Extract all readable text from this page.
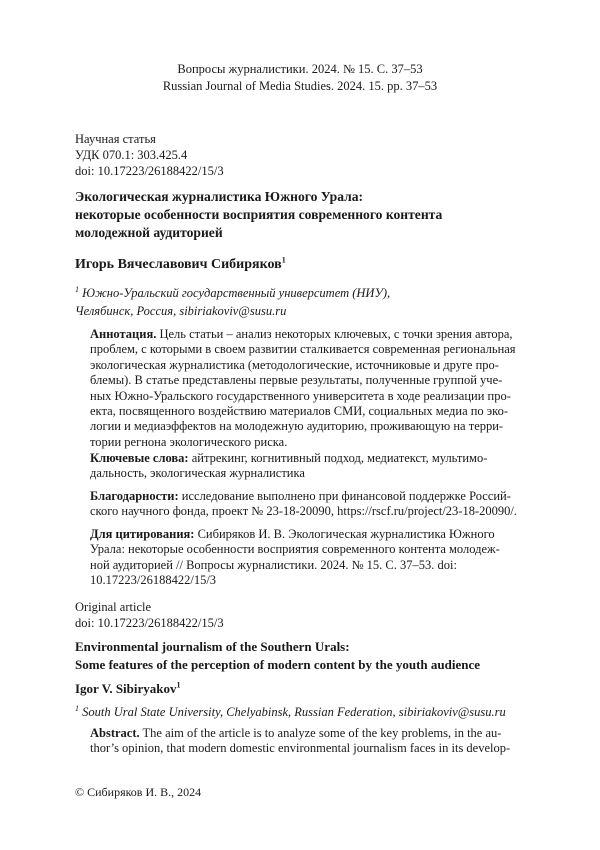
Вопросы журналистики. 2024. № 15. С. 37–53

Russian Journal of Media Studies. 2024. 15. pp. 37–53

Научная статья
УДК 070.1: 303.425.4
doi: 10.17223/26188422/15/3
Экологическая журналистика Южного Урала:
некоторые особенности восприятия современного контента
молодежной аудиторией

Игорь Вячеславович Сибиряков$^1$

$^1$ Южно-Уральский государственный университет (НИУ),
Челябинск, Россия, sibiriakoviv@susu.ru
Аннотация. Цель статьи – анализ некоторых ключевых, с точки зрения автора,
проблем, с которыми в своем развитии сталкивается современная региональная
экологическая журналистика (методологические, источниковые и друге про-
блемы). В статье представлены первые результаты, полученные группой уче-
ных Южно-Уральского государственного университета в ходе реализации про-
екта, посвященного воздействию материалов СМИ, социальных медиа по эко-
логии и медиаэффектов на молодежную аудиторию, проживающую на терри-
тории регнона экологического риска.
Ключевые слова: айтрекинг, когнитивный подход, медиатекст, мультимо-
дальность, экологическая журналистика
Благодарности: исследование выполнено при финансовой поддержке Россий-
ского научного фонда, проект № 23-18-20090, https://rscf.ru/project/23-18-20090/.
Для цитирования: Сибиряков И. В. Экологическая журналистика Южного
Урала: некоторые особенности восприятия современного контента молодеж-
ной аудиторией // Вопросы журналистики. 2024. № 15. С. 37–53. doi:
10.17223/26188422/15/3
Original article
doi: 10.17223/26188422/15/3
Environmental journalism of the Southern Urals:
Some features of the perception of modern content by the youth audience

Igor V. Sibiryakov$^1$

$^1$ South Ural State University, Chelyabinsk, Russian Federation, sibiriakoviv@susu.ru

Abstract. The aim of the article is to analyze some of the key problems, in the au-
thor’s opinion, that modern domestic environmental journalism faces in its develop-

© Сибиряков И. В., 2024
